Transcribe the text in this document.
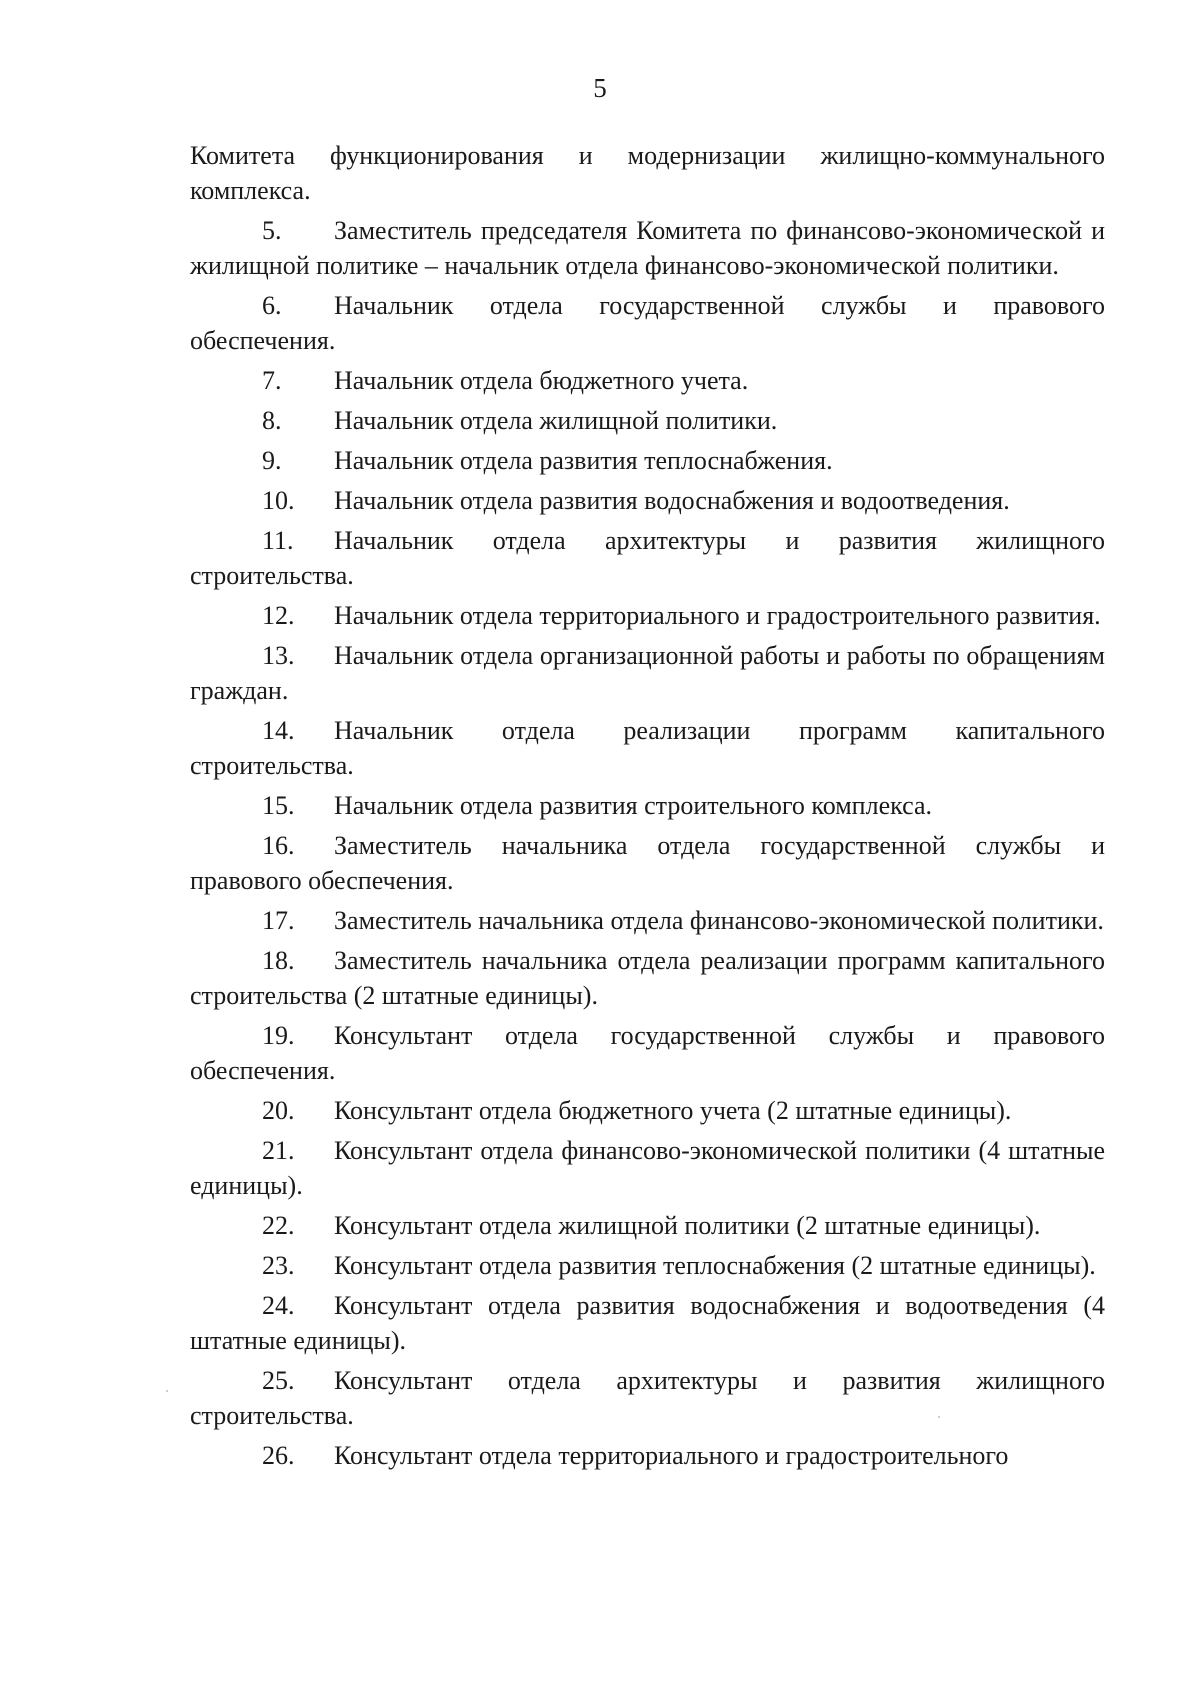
5

Комитета функционирования и модернизации жилищно-коммунального комплекса.

5. Заместитель председателя Комитета по финансово-экономической и жилищной политике – начальник отдела финансово-экономической политики.

6. Начальник отдела государственной службы и правового обеспечения.

7. Начальник отдела бюджетного учета.

8. Начальник отдела жилищной политики.

9. Начальник отдела развития теплоснабжения.

10. Начальник отдела развития водоснабжения и водоотведения.

11. Начальник отдела архитектуры и развития жилищного строительства.

12. Начальник отдела территориального и градостроительного развития.

13. Начальник отдела организационной работы и работы по обращениям граждан.

14. Начальник отдела реализации программ капитального строительства.

15. Начальник отдела развития строительного комплекса.

16. Заместитель начальника отдела государственной службы и правового обеспечения.

17. Заместитель начальника отдела финансово-экономической политики.

18. Заместитель начальника отдела реализации программ капитального строительства (2 штатные единицы).

19. Консультант отдела государственной службы и правового обеспечения.

20. Консультант отдела бюджетного учета (2 штатные единицы).

21. Консультант отдела финансово-экономической политики (4 штатные единицы).

22. Консультант отдела жилищной политики (2 штатные единицы).

23. Консультант отдела развития теплоснабжения (2 штатные единицы).

24. Консультант отдела развития водоснабжения и водоотведения (4 штатные единицы).

25. Консультант отдела архитектуры и развития жилищного строительства.

26. Консультант отдела территориального и градостроительного
